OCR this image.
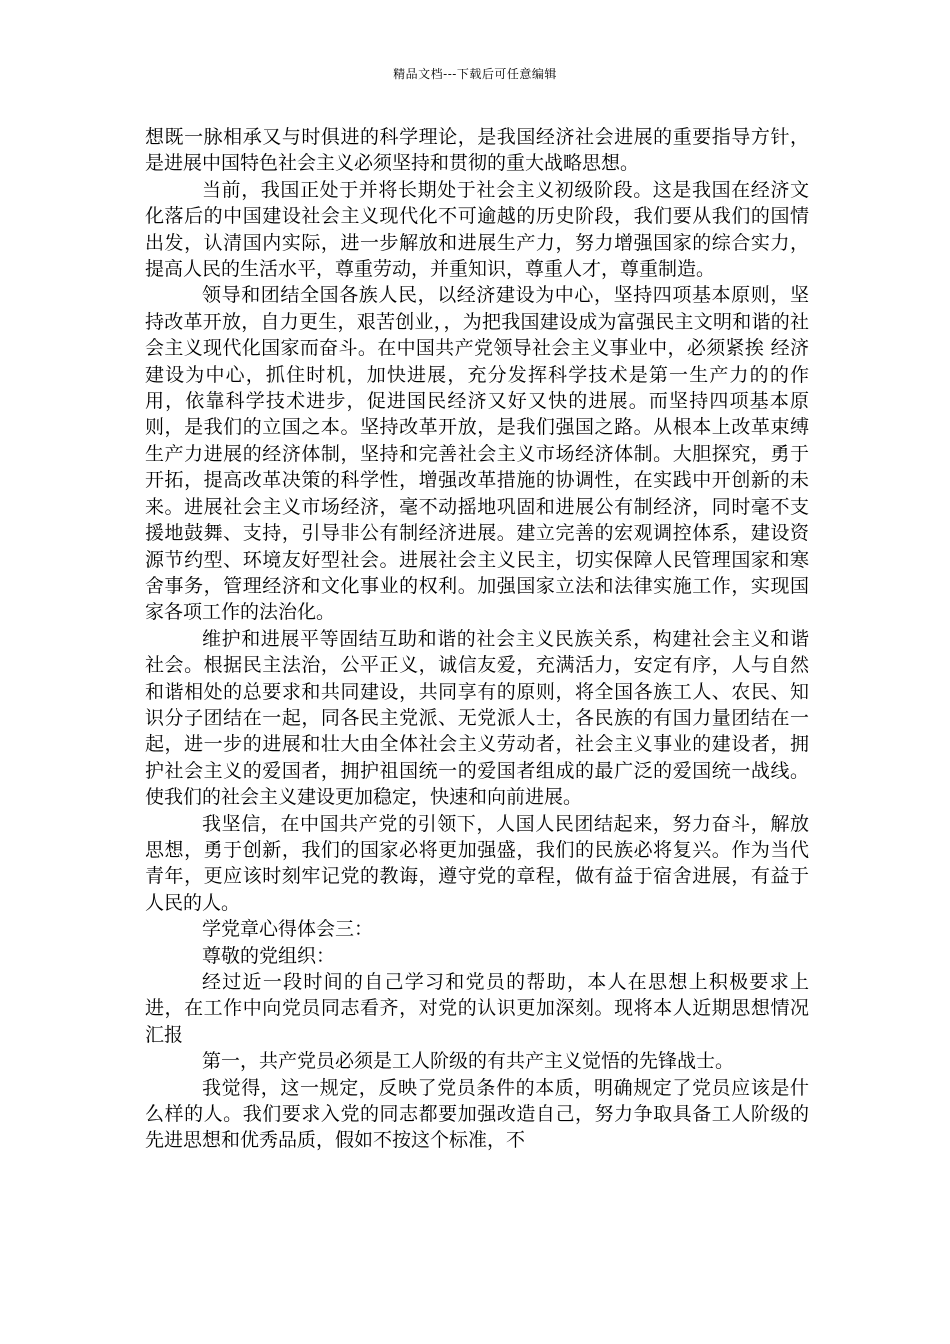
精品文档---下载后可任意编辑

想既一脉相承又与时俱进的科学理论，是我国经济社会进展的重要指导方针，是进展中国特色社会主义必须坚持和贯彻的重大战略思想。

当前，我国正处于并将长期处于社会主义初级阶段。这是我国在经济文化落后的中国建设社会主义现代化不可逾越的历史阶段，我们要从我们的国情出发，认清国内实际，进一步解放和进展生产力，努力增强国家的综合实力，提高人民的生活水平，尊重劳动，并重知识，尊重人才，尊重制造。

领导和团结全国各族人民，以经济建设为中心，坚持四项基本原则，坚持改革开放，自力更生，艰苦创业，，为把我国建设成为富强民主文明和谐的社会主义现代化国家而奋斗。在中国共产党领导社会主义事业中，必须紧挨 经济建设为中心，抓住时机，加快进展，充分发挥科学技术是第一生产力的的作用，依靠科学技术进步，促进国民经济又好又快的进展。而坚持四项基本原则，是我们的立国之本。坚持改革开放，是我们强国之路。从根本上改革束缚生产力进展的经济体制，坚持和完善社会主义市场经济体制。大胆探究，勇于开拓，提高改革决策的科学性，增强改革措施的协调性，在实践中开创新的未来。进展社会主义市场经济，毫不动摇地巩固和进展公有制经济，同时毫不支援地鼓舞、支持，引导非公有制经济进展。建立完善的宏观调控体系，建设资源节约型、环境友好型社会。进展社会主义民主，切实保障人民管理国家和寒舍事务，管理经济和文化事业的权利。加强国家立法和法律实施工作，实现国家各项工作的法治化。

维护和进展平等固结互助和谐的社会主义民族关系，构建社会主义和谐社会。根据民主法治，公平正义，诚信友爱，充满活力，安定有序，人与自然和谐相处的总要求和共同建设，共同享有的原则，将全国各族工人、农民、知识分子团结在一起，同各民主党派、无党派人士，各民族的有国力量团结在一起，进一步的进展和壮大由全体社会主义劳动者，社会主义事业的建设者，拥护社会主义的爱国者，拥护祖国统一的爱国者组成的最广泛的爱国统一战线。使我们的社会主义建设更加稳定，快速和向前进展。

我坚信，在中国共产党的引领下，人国人民团结起来，努力奋斗，解放思想，勇于创新，我们的国家必将更加强盛，我们的民族必将复兴。作为当代青年，更应该时刻牢记党的教诲，遵守党的章程，做有益于宿舍进展，有益于人民的人。

学党章心得体会三：

尊敬的党组织：

经过近一段时间的自己学习和党员的帮助，本人在思想上积极要求上进，在工作中向党员同志看齐，对党的认识更加深刻。现将本人近期思想情况汇报

第一，共产党员必须是工人阶级的有共产主义觉悟的先锋战士。

我觉得，这一规定，反映了党员条件的本质，明确规定了党员应该是什么样的人。我们要求入党的同志都要加强改造自己，努力争取具备工人阶级的先进思想和优秀品质，假如不按这个标准，不
